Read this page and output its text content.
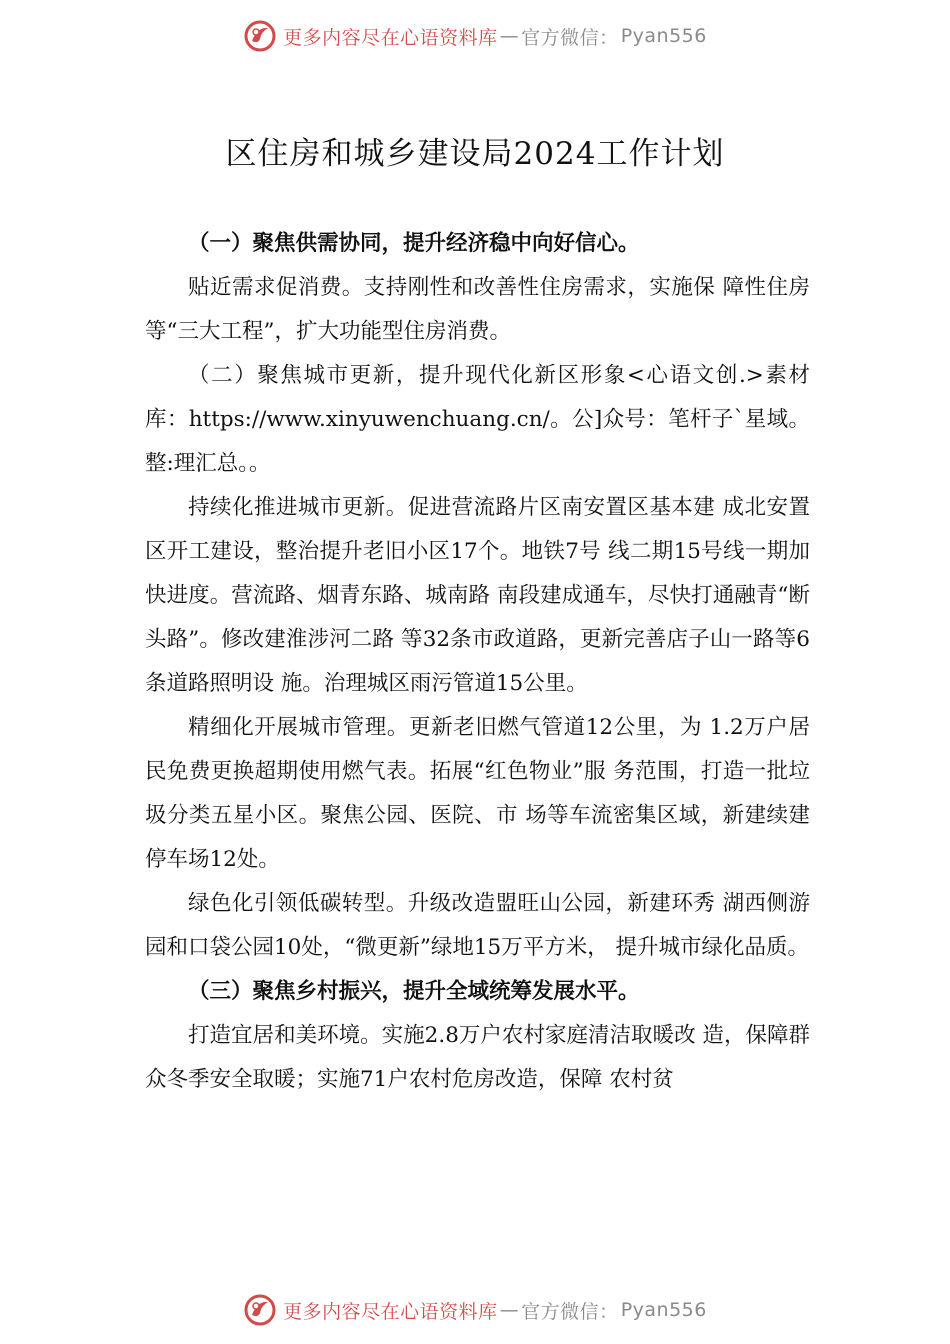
更多内容尽在心语资料库 — 官方微信： Pyan556
区住房和城乡建设局2024工作计划

（一）聚焦供需协同，提升经济稳中向好信心。

贴近需求促消费。支持刚性和改善性住房需求，实施保 障性住房等“三大工程”，扩大功能型住房消费。

（二）聚焦城市更新，提升现代化新区形象<心语文创.>素材库：https://www.xinyuwenchuang.cn/。公]众号：笔杆子`星域。整:理汇总。。

持续化推进城市更新。促进营流路片区南安置区基本建 成北安置区开工建设，整治提升老旧小区17个。地铁7号 线二期15号线一期加快进度。营流路、烟青东路、城南路 南段建成通车，尽快打通融青“断头路”。修改建淮涉河二路 等32条市政道路，更新完善店子山一路等6条道路照明设 施。治理城区雨污管道15公里。

精细化开展城市管理。更新老旧燃气管道12公里，为 1.2万户居民免费更换超期使用燃气表。拓展“红色物业”服 务范围，打造一批垃圾分类五星小区。聚焦公园、医院、市 场等车流密集区域，新建续建停车场12处。

绿色化引领低碳转型。升级改造盟旺山公园，新建环秀 湖西侧游园和口袋公园10处，“微更新”绿地15万平方米， 提升城市绿化品质。

（三）聚焦乡村振兴，提升全域统筹发展水平。

打造宜居和美环境。实施2.8万户农村家庭清洁取暖改 造，保障群众冬季安全取暖；实施71户农村危房改造，保障 农村贫

更多内容尽在心语资料库 — 官方微信： Pyan556
